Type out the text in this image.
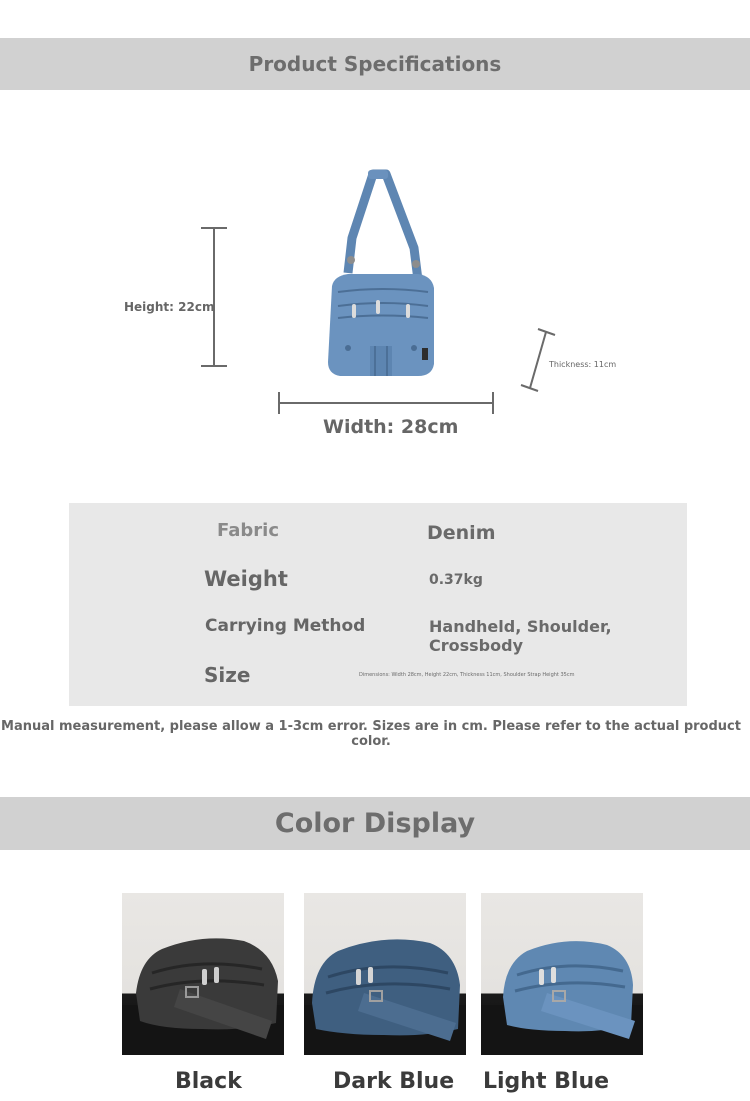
Product Specifications
Height: 22cm
Width: 28cm
Thickness: 11cm
Fabric	Denim
Weight	0.37kg
Carrying Method	Handheld, Shoulder, Crossbody
Size	Dimensions: Width 28cm, Height 22cm, Thickness 11cm, Shoulder Strap Height 35cm
Manual measurement, please allow a 1-3cm error. Sizes are in cm. Please refer to the actual product color.
Color Display
Black	Dark Blue Light Blue
